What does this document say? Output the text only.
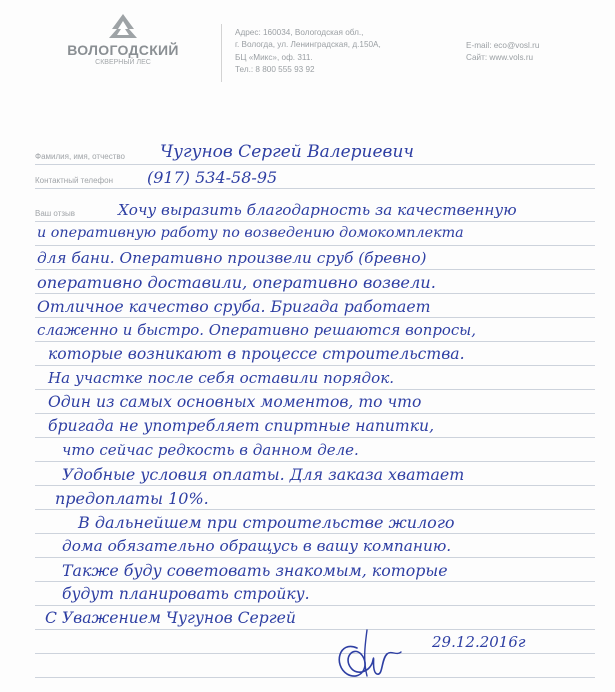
ВОЛОГОДСКИЙ
СКВЕРНЫЙ ЛЕС
Адрес: 160034, Вологодская обл.,
г. Вологда, ул. Ленинградская, д.150А,
БЦ «Микс», оф. 311.
Тел.: 8 800 555 93 92
E-mail: eco@vosl.ru
Сайт: www.vols.ru
Фамилия, имя, отчество
Контактный телефон
Ваш отзыв
Чугунов Сергей Валериевич
(917) 534-58-95
Хочу выразить благодарность за качественную
и оперативную работу по возведению домокомплекта
для бани. Оперативно произвели сруб (бревно)
оперативно доставили, оперативно возвели.
Отличное качество сруба. Бригада работает
слаженно и быстро. Оперативно решаются вопросы,
которые возникают в процессе строительства.
На участке после себя оставили порядок.
Один из самых основных моментов, то что
бригада не употребляет спиртные напитки,
что сейчас редкость в данном деле.
Удобные условия оплаты. Для заказа хватает
предоплаты 10%.
В дальнейшем при строительстве жилого
дома обязательно обращусь в вашу компанию.
Также буду советовать знакомым, которые
будут планировать стройку.
С Уважением Чугунов Сергей
29.12.2016г
